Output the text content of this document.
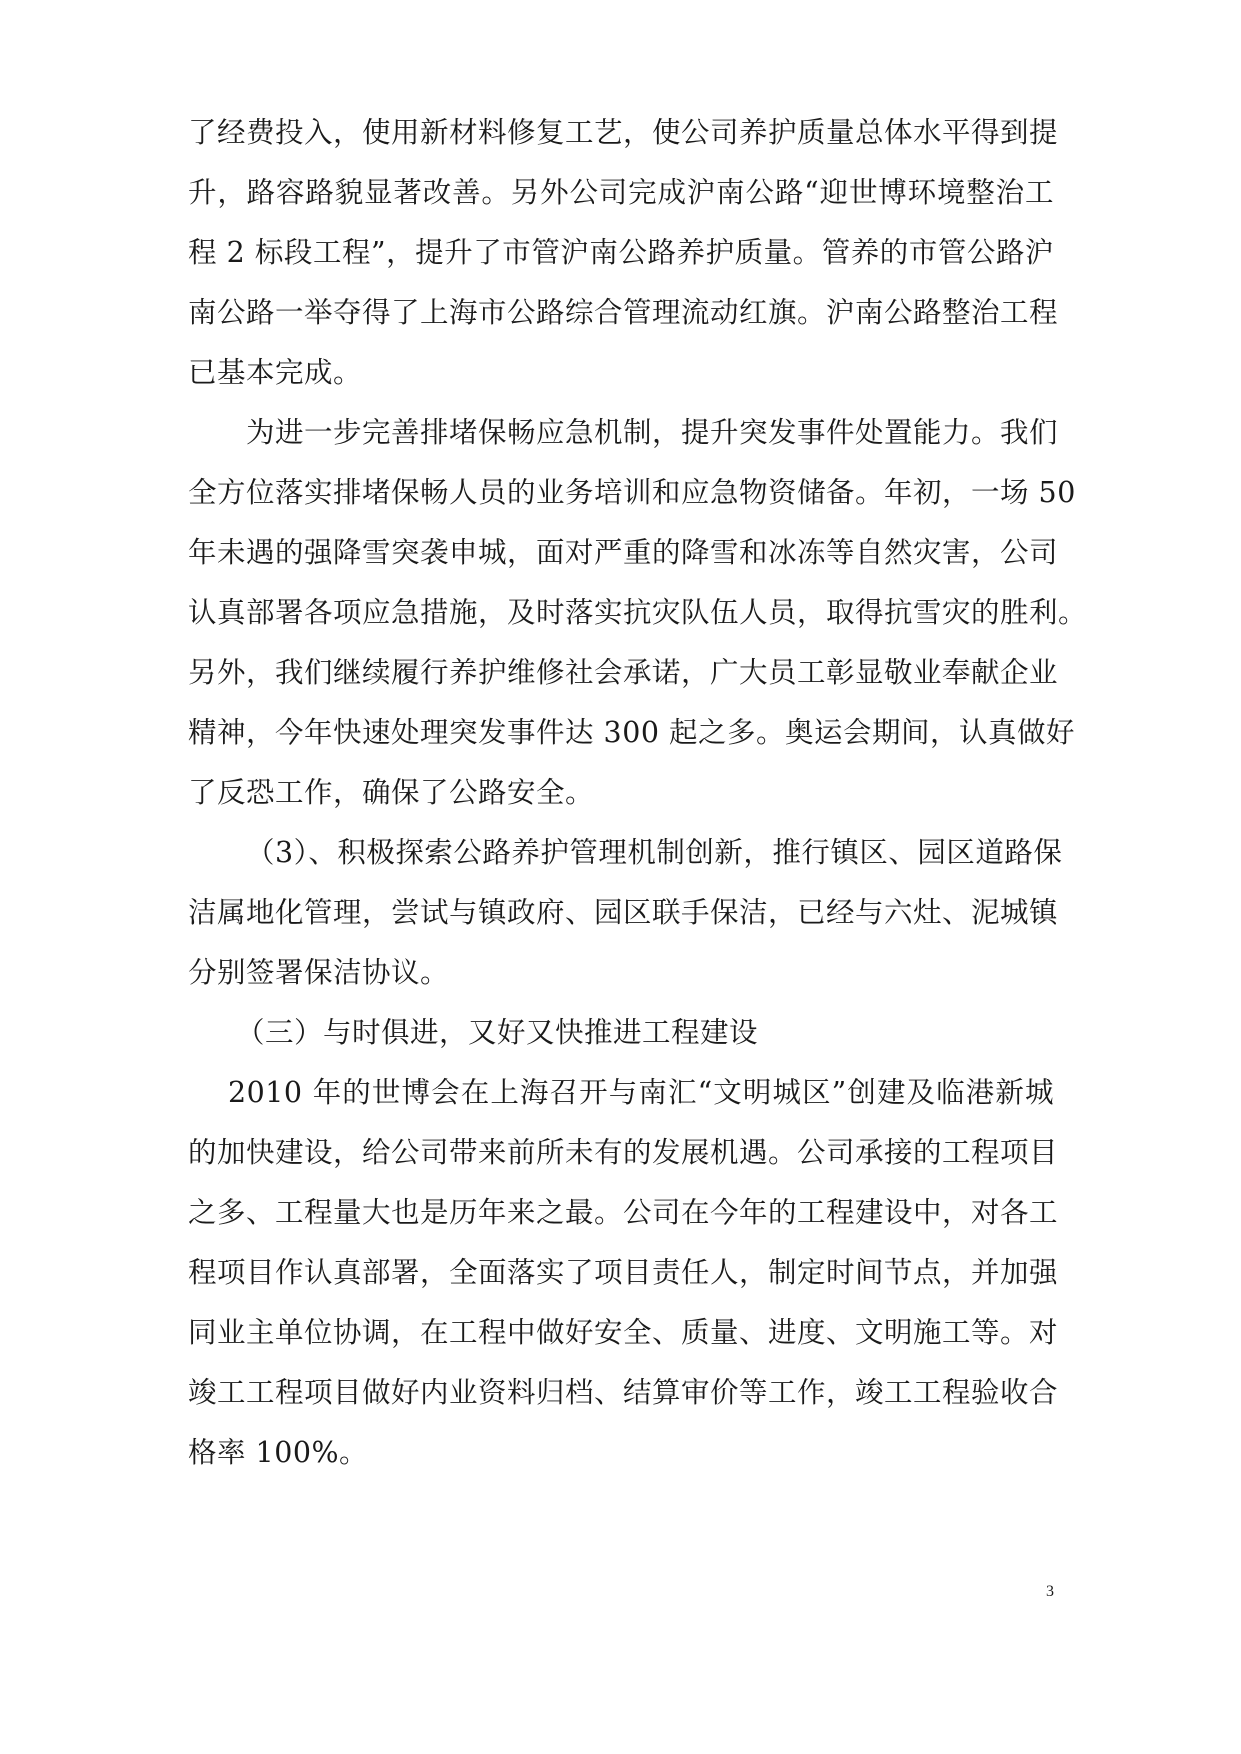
了经费投入，使用新材料修复工艺，使公司养护质量总体水平得到提
升，路容路貌显著改善。另外公司完成沪南公路“迎世博环境整治工
程 2 标段工程”，提升了市管沪南公路养护质量。管养的市管公路沪
南公路一举夺得了上海市公路综合管理流动红旗。沪南公路整治工程
已基本完成。
为进一步完善排堵保畅应急机制，提升突发事件处置能力。我们
全方位落实排堵保畅人员的业务培训和应急物资储备。年初，一场 50
年未遇的强降雪突袭申城，面对严重的降雪和冰冻等自然灾害，公司
认真部署各项应急措施，及时落实抗灾队伍人员，取得抗雪灾的胜利。
另外，我们继续履行养护维修社会承诺，广大员工彰显敬业奉献企业
精神，今年快速处理突发事件达 300 起之多。奥运会期间，认真做好
了反恐工作，确保了公路安全。
（3）、积极探索公路养护管理机制创新，推行镇区、园区道路保
洁属地化管理，尝试与镇政府、园区联手保洁，已经与六灶、泥城镇
分别签署保洁协议。
（三）与时俱进，又好又快推进工程建设
2010 年的世博会在上海召开与南汇“文明城区”创建及临港新城
的加快建设，给公司带来前所未有的发展机遇。公司承接的工程项目
之多、工程量大也是历年来之最。公司在今年的工程建设中，对各工
程项目作认真部署，全面落实了项目责任人，制定时间节点，并加强
同业主单位协调，在工程中做好安全、质量、进度、文明施工等。对
竣工工程项目做好内业资料归档、结算审价等工作，竣工工程验收合
格率 100%。
3
